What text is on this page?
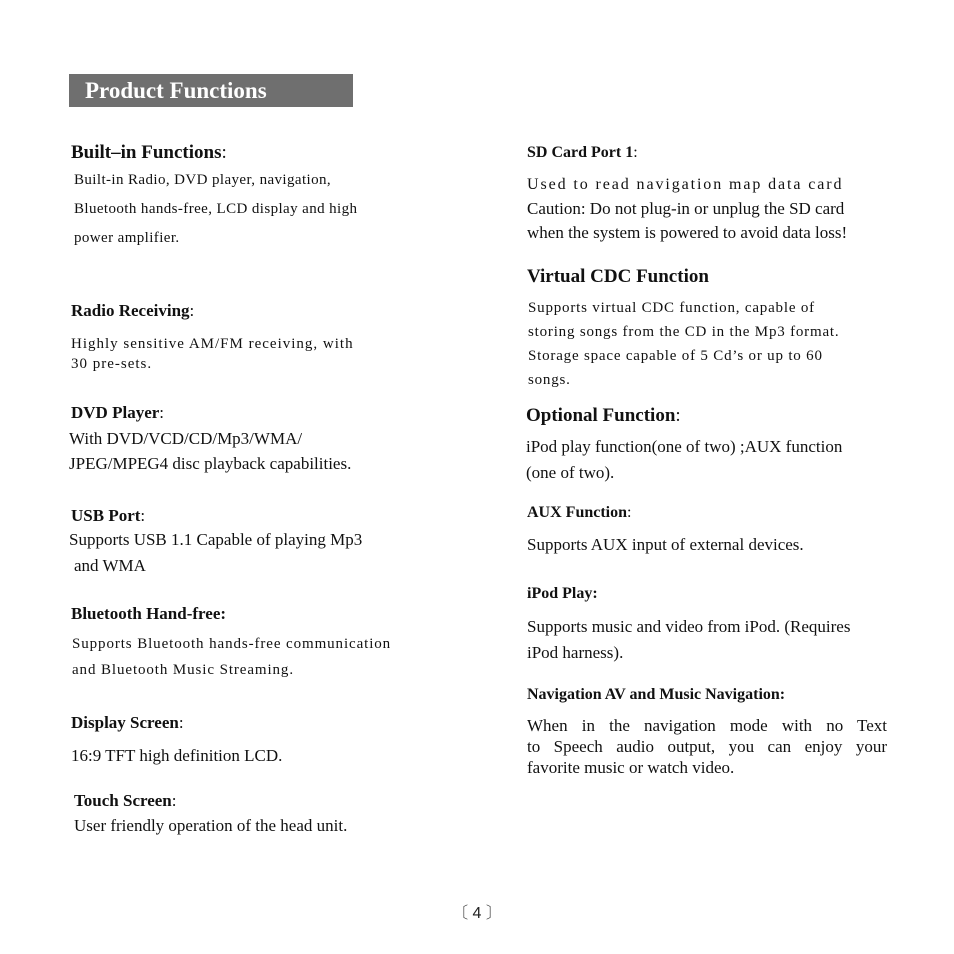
Product Functions

Built–in Functions:

Built-in Radio, DVD player, navigation,
Bluetooth hands-free, LCD display and high
power amplifier.

Radio Receiving:

Highly sensitive AM/FM receiving, with
30 pre-sets.

DVD Player:

With DVD/VCD/CD/Mp3/WMA/
JPEG/MPEG4 disc playback capabilities.

USB Port:

Supports USB 1.1 Capable of playing Mp3
and WMA

Bluetooth Hand-free:

Supports Bluetooth hands-free communication
and Bluetooth Music Streaming.

Display Screen:

16:9 TFT high definition LCD.

Touch Screen:

User friendly operation of the head unit.

SD Card Port 1:

Used to read navigation map data card
Caution: Do not plug-in or unplug the SD card
when the system is powered to avoid data loss!

Virtual CDC Function

Supports virtual CDC function, capable of
storing songs from the CD in the Mp3 format.
Storage space capable of 5 Cd’s or up to 60
songs.

Optional Function:

iPod play function(one of two) ;AUX function
(one of two).

AUX Function:

Supports AUX input of external devices.

iPod Play:

Supports music and video from iPod. (Requires
iPod harness).

Navigation AV and Music Navigation:

When in the navigation mode with no Text
to Speech audio output, you can enjoy your
favorite music or watch video.

〔 4 〕
